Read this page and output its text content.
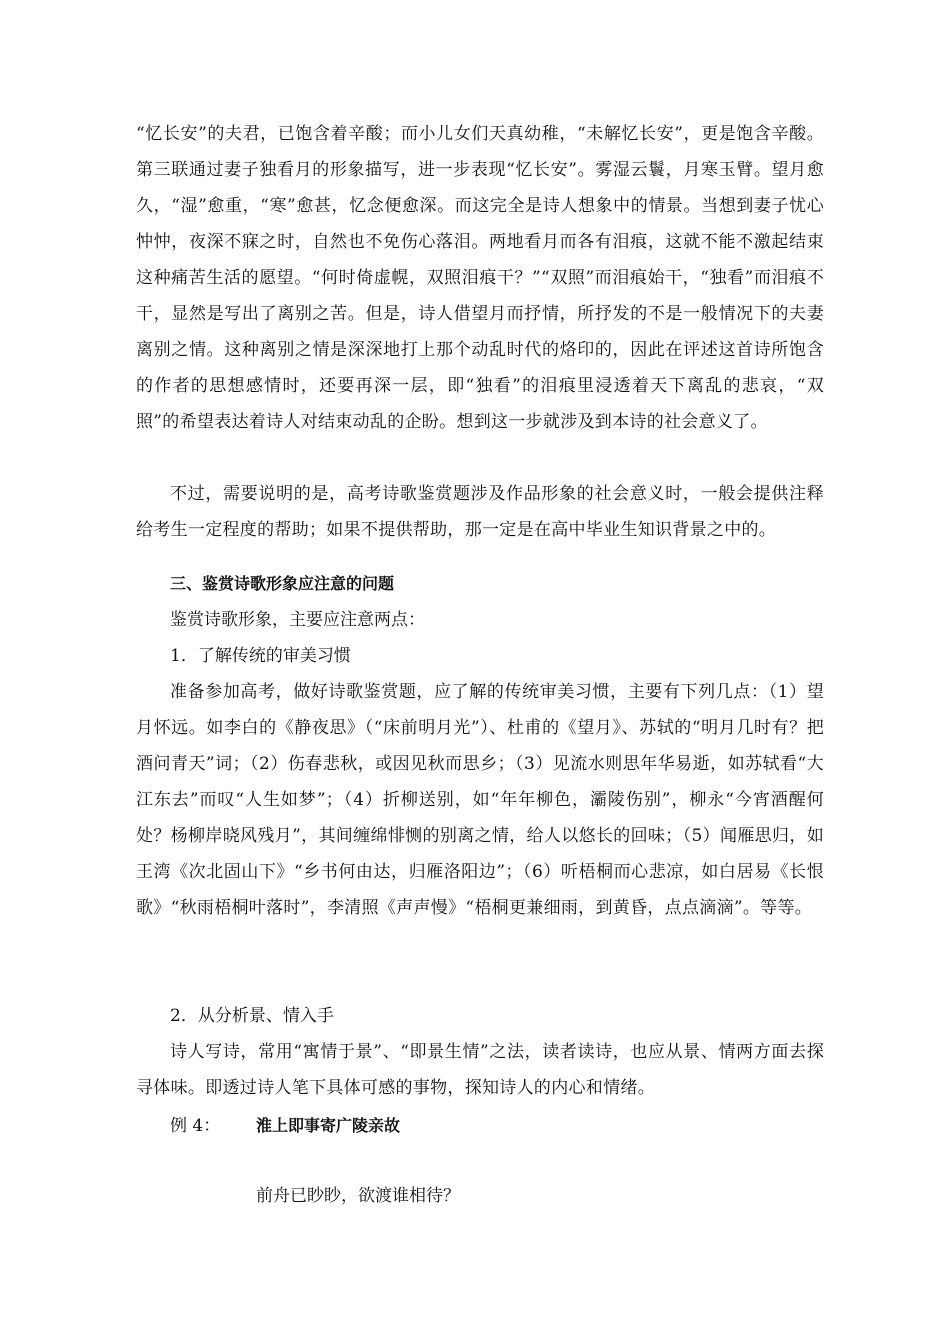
“忆长安”的夫君，已饱含着辛酸；而小儿女们天真幼稚，“未解忆长安”，更是饱含辛酸。第三联通过妻子独看月的形象描写，进一步表现“忆长安”。雾湿云鬟，月寒玉臂。望月愈久，“湿”愈重，“寒”愈甚，忆念便愈深。而这完全是诗人想象中的情景。当想到妻子忧心忡忡，夜深不寐之时，自然也不免伤心落泪。两地看月而各有泪痕，这就不能不激起结束这种痛苦生活的愿望。“何时倚虚幌，双照泪痕干？”“双照”而泪痕始干，“独看”而泪痕不干，显然是写出了离别之苦。但是，诗人借望月而抒情，所抒发的不是一般情况下的夫妻离别之情。这种离别之情是深深地打上那个动乱时代的烙印的，因此在评述这首诗所饱含的作者的思想感情时，还要再深一层，即“独看”的泪痕里浸透着天下离乱的悲哀，“双照”的希望表达着诗人对结束动乱的企盼。想到这一步就涉及到本诗的社会意义了。

不过，需要说明的是，高考诗歌鉴赏题涉及作品形象的社会意义时，一般会提供注释给考生一定程度的帮助；如果不提供帮助，那一定是在高中毕业生知识背景之中的。

三、鉴赏诗歌形象应注意的问题
鉴赏诗歌形象，主要应注意两点：
1．了解传统的审美习惯

准备参加高考，做好诗歌鉴赏题，应了解的传统审美习惯，主要有下列几点：（1）望月怀远。如李白的《静夜思》（“床前明月光”）、杜甫的《望月》、苏轼的“明月几时有？把酒问青天”词；（2）伤春悲秋，或因见秋而思乡；（3）见流水则思年华易逝，如苏轼看“大江东去”而叹“人生如梦”；（4）折柳送别，如“年年柳色，灞陵伤别”，柳永“今宵酒醒何处？杨柳岸晓风残月”，其间缠绵悱恻的别离之情，给人以悠长的回味；（5）闻雁思归，如王湾《次北固山下》“乡书何由达，归雁洛阳边”；（6）听梧桐而心悲凉，如白居易《长恨歌》“秋雨梧桐叶落时”，李清照《声声慢》“梧桐更兼细雨，到黄昏，点点滴滴”。等等。

2．从分析景、情入手

诗人写诗，常用“寓情于景”、“即景生情”之法，读者读诗，也应从景、情两方面去探寻体味。即透过诗人笔下具体可感的事物，探知诗人的内心和情绪。

例 4： 淮上即事寄广陵亲故
前舟已眇眇，欲渡谁相待？
